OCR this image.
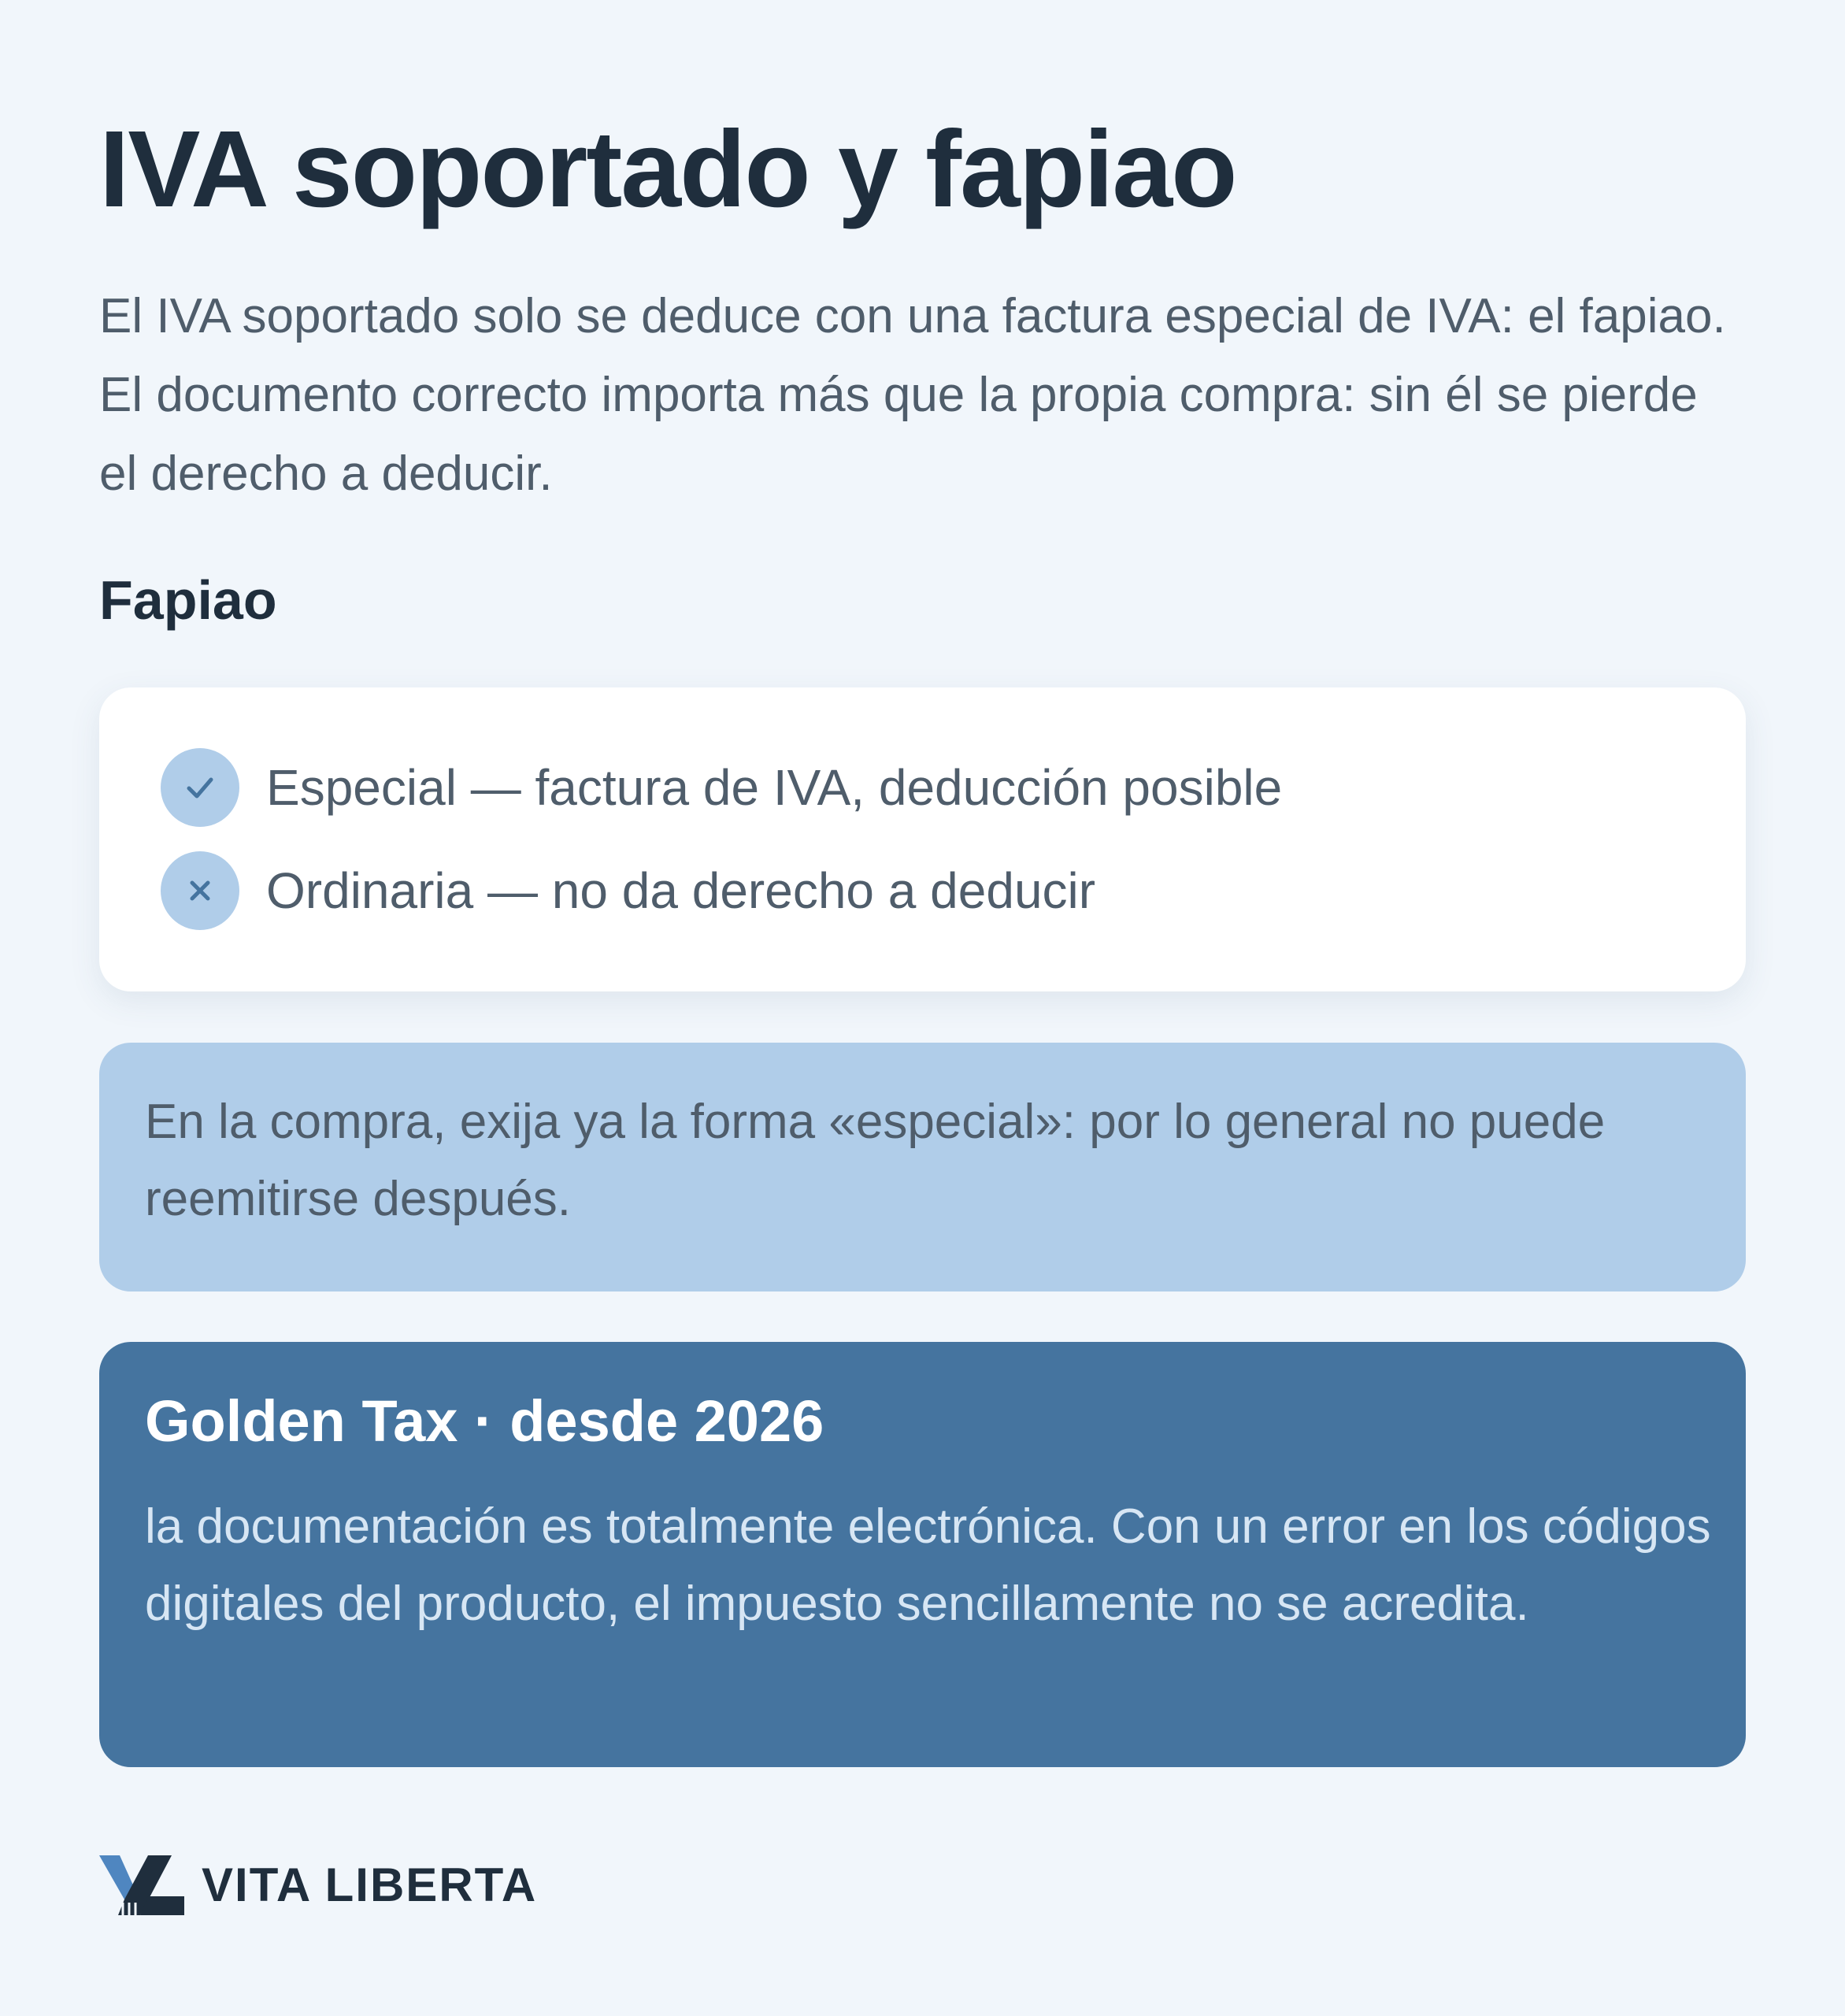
IVA soportado y fapiao

El IVA soportado solo se deduce con una factura especial de IVA: el fapiao. El documento correcto importa más que la propia compra: sin él se pierde el derecho a deducir.

Fapiao
Especial — factura de IVA, deducción posible
Ordinaria — no da derecho a deducir

En la compra, exija ya la forma «especial»: por lo general no puede reemitirse después.

Golden Tax · desde 2026

la documentación es totalmente electrónica. Con un error en los códigos digitales del producto, el impuesto sencillamente no se acredita.

VITA LIBERTA
